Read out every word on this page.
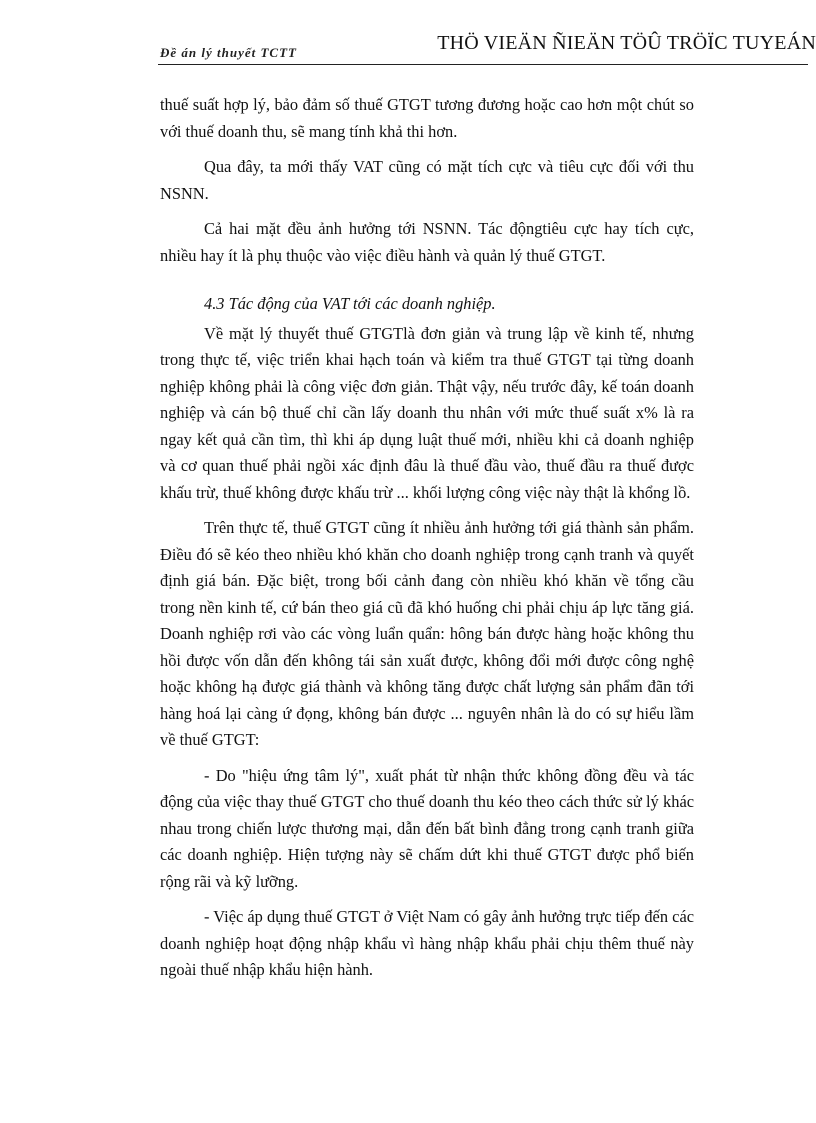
Đề án lý thuyết TCTT	THÖ VIEÄN ÑIEÄN TÖÛ TRÖÏC TUYEÁN

thuế suất hợp lý, bảo đảm số thuế GTGT tương đương hoặc cao hơn một chút so với thuế doanh thu, sẽ mang tính khả thi hơn.

Qua đây, ta mới thấy VAT cũng có mặt tích cực và tiêu cực đối với thu NSNN.

Cả hai mặt đều ảnh hưởng tới NSNN. Tác độngtiêu cực hay tích cực, nhiều hay ít là phụ thuộc vào việc điều hành và quản lý thuế GTGT.

4.3 Tác động của VAT tới các doanh nghiệp.

Về mặt lý thuyết thuế GTGTlà đơn giản và trung lập về kinh tế, nhưng trong thực tế, việc triển khai hạch toán và kiểm tra thuế GTGT tại từng doanh nghiệp không phải là công việc đơn giản. Thật vậy, nếu trước đây, kế toán doanh nghiệp và cán bộ thuế chỉ cần lấy doanh thu nhân với mức thuế suất x% là ra ngay kết quả cần tìm, thì khi áp dụng luật thuế mới, nhiều khi cả doanh nghiệp và cơ quan thuế phải ngồi xác định đâu là thuế đầu vào, thuế đầu ra thuế được khấu trừ, thuế không được khấu trừ ... khối lượng công việc này thật là khổng lồ.

Trên thực tế, thuế GTGT cũng ít nhiều ảnh hưởng tới giá thành sản phẩm. Điều đó sẽ kéo theo nhiều khó khăn cho doanh nghiệp trong cạnh tranh và quyết định giá bán. Đặc biệt, trong bối cảnh đang còn nhiều khó khăn về tổng cầu trong nền kinh tế, cứ bán theo giá cũ đã khó huống chi phải chịu áp lực tăng giá. Doanh nghiệp rơi vào các vòng luẩn quẩn: hông bán được hàng hoặc không thu hồi được vốn dẫn đến không tái sản xuất được, không đổi mới được công nghệ hoặc không hạ được giá thành và không tăng được chất lượng sản phẩm đãn tới hàng hoá lại càng ứ đọng, không bán được ... nguyên nhân là do có sự hiểu lầm về thuế GTGT:

- Do "hiệu ứng tâm lý", xuất phát từ nhận thức không đồng đều và tác động của việc thay thuế GTGT cho thuế doanh thu kéo theo cách thức sử lý khác nhau trong chiến lược thương mại, dẫn đến bất bình đẳng trong cạnh tranh giữa các doanh nghiệp. Hiện tượng này sẽ chấm dứt khi thuế GTGT được phổ biến rộng rãi và kỹ lưỡng.

- Việc áp dụng thuế GTGT ở Việt Nam có gây ảnh hưởng trực tiếp đến các doanh nghiệp hoạt động nhập khẩu vì hàng nhập khẩu phải chịu thêm thuế này ngoài thuế nhập khẩu hiện hành.
